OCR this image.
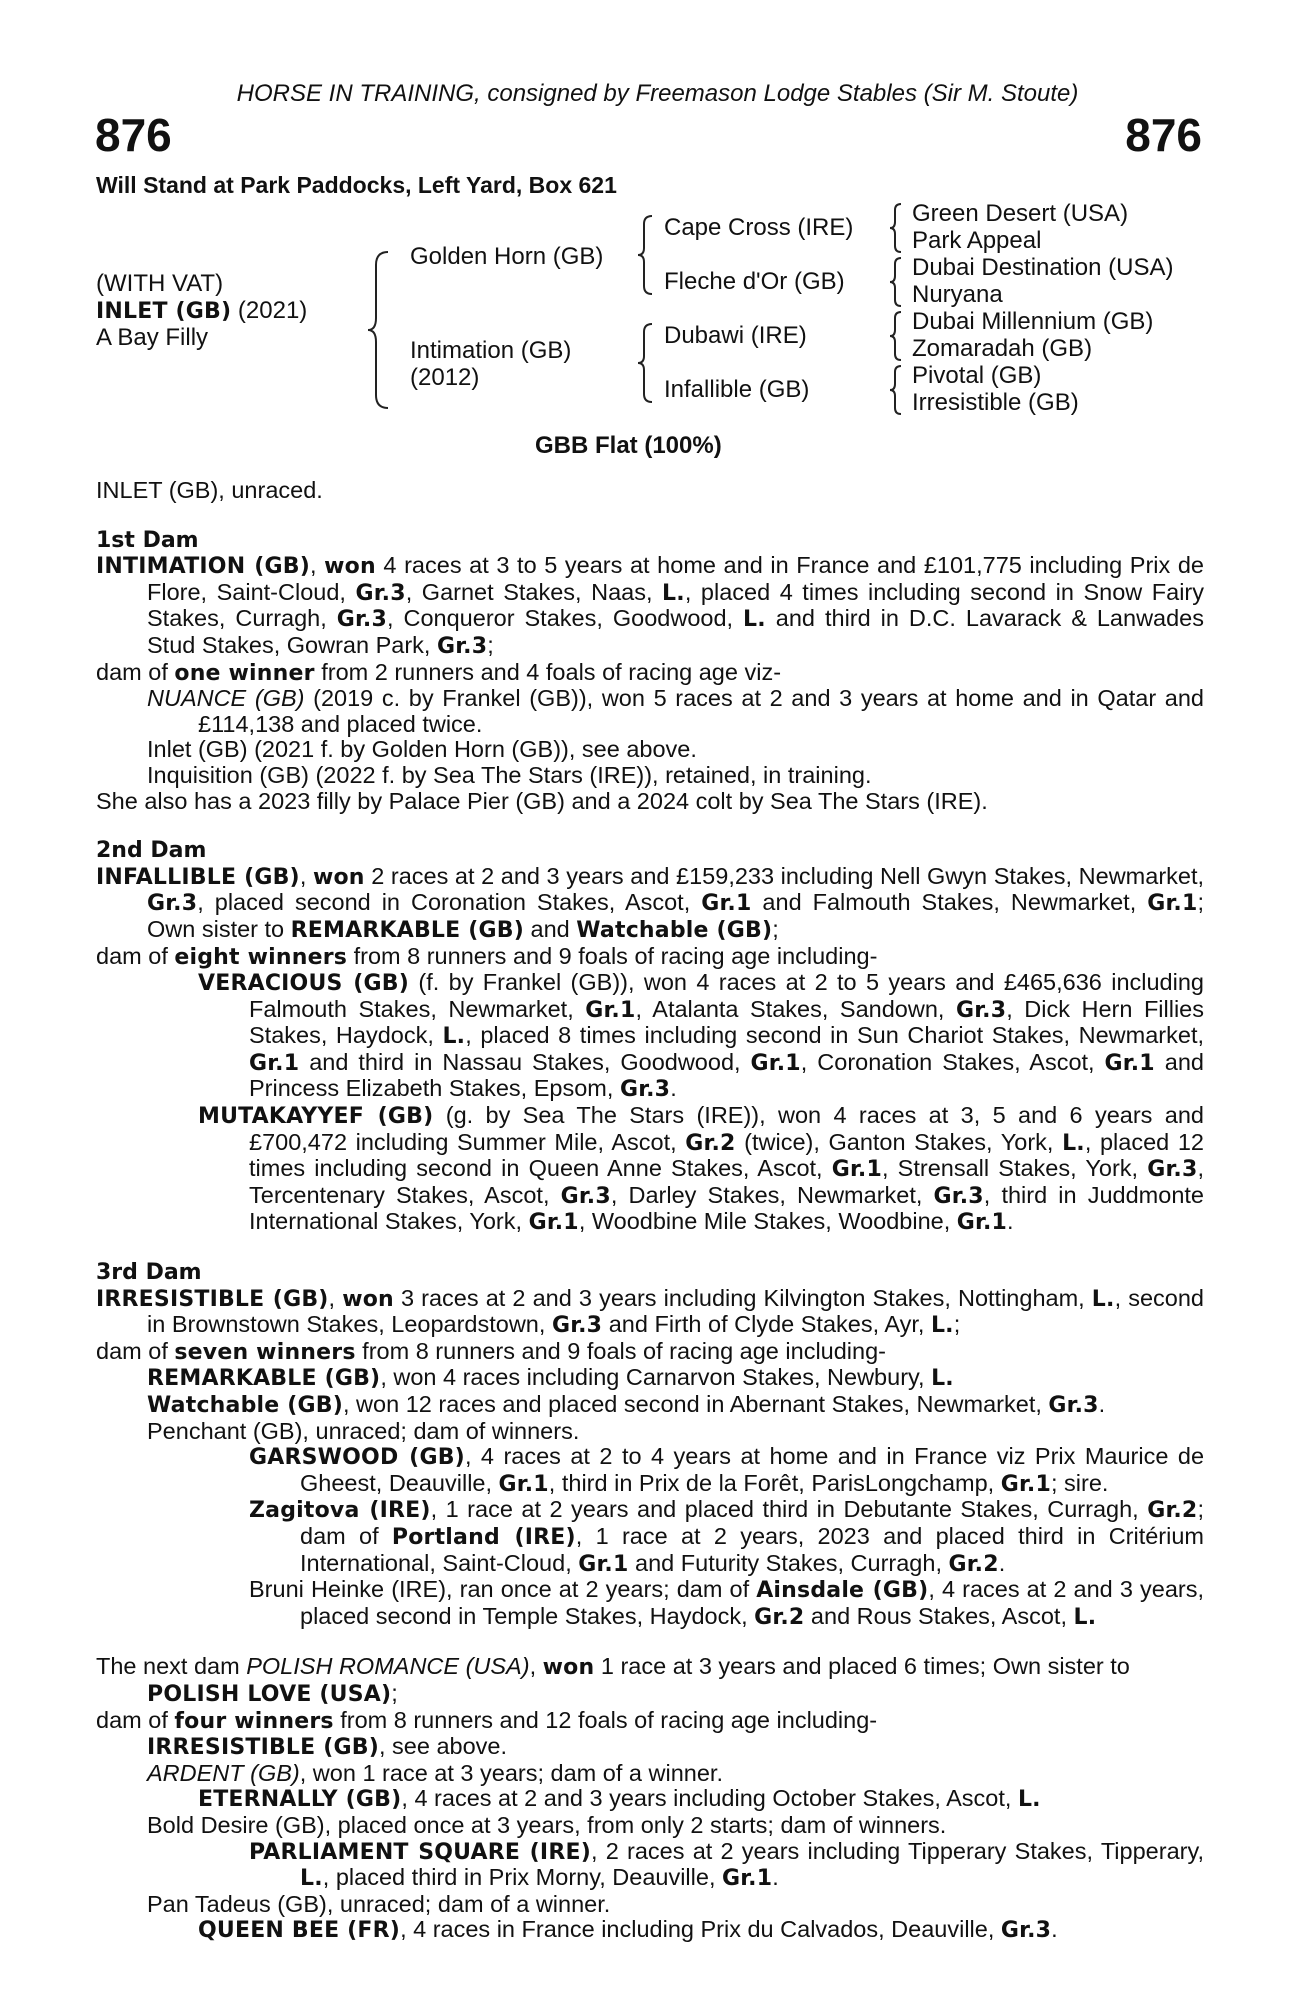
HORSE IN TRAINING, consigned by Freemason Lodge Stables (Sir M. Stoute)
876	876
Will Stand at Park Paddocks, Left Yard, Box 621
(WITH VAT)
INLET (GB) (2021)
A Bay Filly
Golden Horn (GB)
Intimation (GB)
(2012)
Cape Cross (IRE)
Fleche d'Or (GB)
Dubawi (IRE)
Infallible (GB)
Green Desert (USA)
Park Appeal
Dubai Destination (USA)
Nuryana
Dubai Millennium (GB)
Zomaradah (GB)
Pivotal (GB)
Irresistible (GB)
GBB Flat (100%)

INLET (GB), unraced.

1st Dam

INTIMATION (GB), won 4 races at 3 to 5 years at home and in France and £101,775 including Prix de Flore, Saint-Cloud, Gr.3, Garnet Stakes, Naas, L., placed 4 times including second in Snow Fairy Stakes, Curragh, Gr.3, Conqueror Stakes, Goodwood, L. and third in D.C. Lavarack & Lanwades Stud Stakes, Gowran Park, Gr.3;

dam of one winner from 2 runners and 4 foals of racing age viz-

NUANCE (GB) (2019 c. by Frankel (GB)), won 5 races at 2 and 3 years at home and in Qatar and £114,138 and placed twice.

Inlet (GB) (2021 f. by Golden Horn (GB)), see above.

Inquisition (GB) (2022 f. by Sea The Stars (IRE)), retained, in training.

She also has a 2023 filly by Palace Pier (GB) and a 2024 colt by Sea The Stars (IRE).

2nd Dam

INFALLIBLE (GB), won 2 races at 2 and 3 years and £159,233 including Nell Gwyn Stakes, Newmarket, Gr.3, placed second in Coronation Stakes, Ascot, Gr.1 and Falmouth Stakes, Newmarket, Gr.1; Own sister to REMARKABLE (GB) and Watchable (GB);

dam of eight winners from 8 runners and 9 foals of racing age including-

VERACIOUS (GB) (f. by Frankel (GB)), won 4 races at 2 to 5 years and £465,636 including Falmouth Stakes, Newmarket, Gr.1, Atalanta Stakes, Sandown, Gr.3, Dick Hern Fillies Stakes, Haydock, L., placed 8 times including second in Sun Chariot Stakes, Newmarket, Gr.1 and third in Nassau Stakes, Goodwood, Gr.1, Coronation Stakes, Ascot, Gr.1 and Princess Elizabeth Stakes, Epsom, Gr.3.

MUTAKAYYEF (GB) (g. by Sea The Stars (IRE)), won 4 races at 3, 5 and 6 years and £700,472 including Summer Mile, Ascot, Gr.2 (twice), Ganton Stakes, York, L., placed 12 times including second in Queen Anne Stakes, Ascot, Gr.1, Strensall Stakes, York, Gr.3, Tercentenary Stakes, Ascot, Gr.3, Darley Stakes, Newmarket, Gr.3, third in Juddmonte International Stakes, York, Gr.1, Woodbine Mile Stakes, Woodbine, Gr.1.

3rd Dam

IRRESISTIBLE (GB), won 3 races at 2 and 3 years including Kilvington Stakes, Nottingham, L., second in Brownstown Stakes, Leopardstown, Gr.3 and Firth of Clyde Stakes, Ayr, L.;

dam of seven winners from 8 runners and 9 foals of racing age including-

REMARKABLE (GB), won 4 races including Carnarvon Stakes, Newbury, L.

Watchable (GB), won 12 races and placed second in Abernant Stakes, Newmarket, Gr.3.

Penchant (GB), unraced; dam of winners.

GARSWOOD (GB), 4 races at 2 to 4 years at home and in France viz Prix Maurice de Gheest, Deauville, Gr.1, third in Prix de la Forêt, ParisLongchamp, Gr.1; sire.

Zagitova (IRE), 1 race at 2 years and placed third in Debutante Stakes, Curragh, Gr.2; dam of Portland (IRE), 1 race at 2 years, 2023 and placed third in Critérium International, Saint-Cloud, Gr.1 and Futurity Stakes, Curragh, Gr.2.

Bruni Heinke (IRE), ran once at 2 years; dam of Ainsdale (GB), 4 races at 2 and 3 years, placed second in Temple Stakes, Haydock, Gr.2 and Rous Stakes, Ascot, L.

The next dam POLISH ROMANCE (USA), won 1 race at 3 years and placed 6 times; Own sister to POLISH LOVE (USA);

dam of four winners from 8 runners and 12 foals of racing age including-

IRRESISTIBLE (GB), see above.

ARDENT (GB), won 1 race at 3 years; dam of a winner.

ETERNALLY (GB), 4 races at 2 and 3 years including October Stakes, Ascot, L.

Bold Desire (GB), placed once at 3 years, from only 2 starts; dam of winners.

PARLIAMENT SQUARE (IRE), 2 races at 2 years including Tipperary Stakes, Tipperary, L., placed third in Prix Morny, Deauville, Gr.1.

Pan Tadeus (GB), unraced; dam of a winner.

QUEEN BEE (FR), 4 races in France including Prix du Calvados, Deauville, Gr.3.
